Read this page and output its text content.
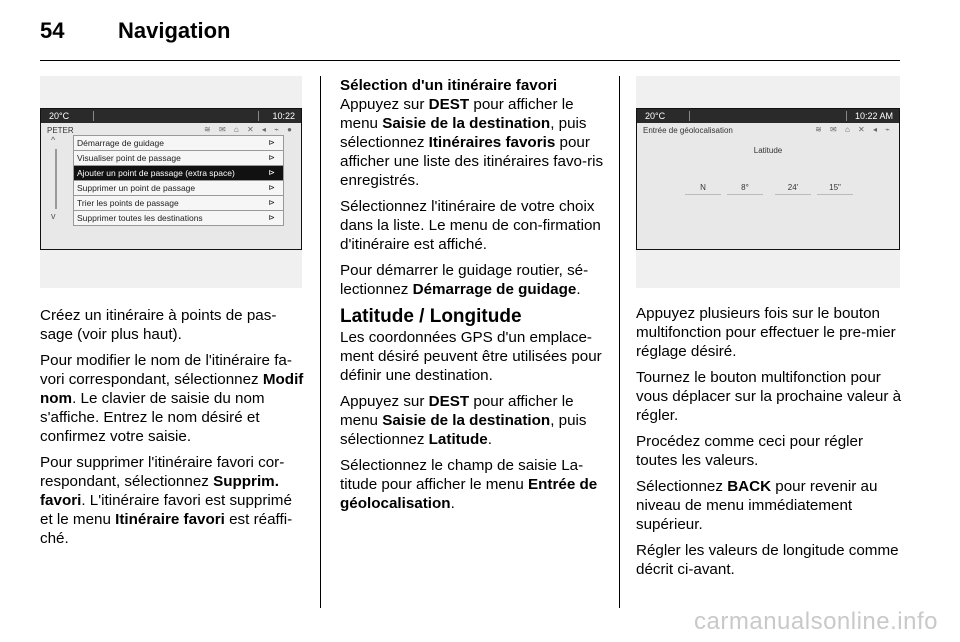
54 Navigation
20°C	10:22
PETER	≋ ✉ ⌂ ✕ ◂ ⌁ ●
^
v
Démarrage de guidage	⊳
Visualiser point de passage	⊳
Ajouter un point de passage (extra space)	⊳
Supprimer un point de passage	⊳
Trier les points de passage	⊳
Supprimer toutes les destinations	⊳

Créez un itinéraire à points de pas-sage (voir plus haut).

Pour modifier le nom de l'itinéraire fa-vori correspondant, sélectionnez Modif nom. Le clavier de saisie du nom s'affiche. Entrez le nom désiré et confirmez votre saisie.

Pour supprimer l'itinéraire favori cor-respondant, sélectionnez Supprim. favori. L'itinéraire favori est supprimé et le menu Itinéraire favori est réaffi-ché.

Sélection d'un itinéraire favori

Appuyez sur DEST pour afficher le menu Saisie de la destination, puis sélectionnez Itinéraires favoris pour afficher une liste des itinéraires favo-ris enregistrés.

Sélectionnez l'itinéraire de votre choix dans la liste. Le menu de con-firmation d'itinéraire est affiché.

Pour démarrer le guidage routier, sé-lectionnez Démarrage de guidage.

Latitude / Longitude

Les coordonnées GPS d'un emplace-ment désiré peuvent être utilisées pour définir une destination.

Appuyez sur DEST pour afficher le menu Saisie de la destination, puis sélectionnez Latitude.

Sélectionnez le champ de saisie La-titude pour afficher le menu Entrée de géolocalisation.

20°C	10:22 AM
Entrée de géolocalisation	≋ ✉ ⌂ ✕ ◂ ⌁
Latitude
N	8°	24'	15"

Appuyez plusieurs fois sur le bouton multifonction pour effectuer le pre-mier réglage désiré.

Tournez le bouton multifonction pour vous déplacer sur la prochaine valeur à régler.

Procédez comme ceci pour régler toutes les valeurs.

Sélectionnez BACK pour revenir au niveau de menu immédiatement supérieur.

Régler les valeurs de longitude comme décrit ci-avant.

carmanualsonline.info
